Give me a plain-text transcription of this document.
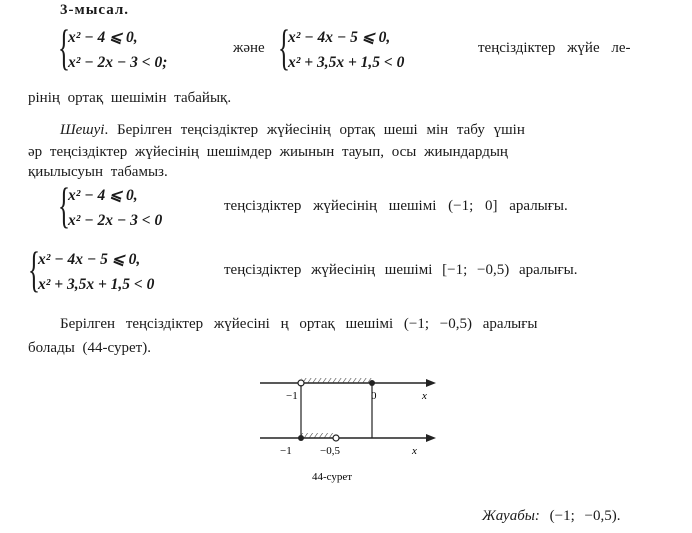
3-мысал.
{
x² − 4 ⩽ 0,
x² − 2x − 3 < 0;
және {
x² − 4x − 5 ⩽ 0,
x² + 3,5x + 1,5 < 0
теңсіздіктер жүйе ле-
рінің ортақ шешімін табайық.
Шешуі. Берілген теңсіздіктер жүйесінің ортақ шеші мін табу үшін
әр теңсіздіктер жүйесінің шешімдер жиынын тауып, осы жиындардың
қиылысуын табамыз.
{
x² − 4 ⩽ 0,
x² − 2x − 3 < 0
теңсіздіктер жүйесінің шешімі (−1; 0] аралығы.
{
x² − 4x − 5 ⩽ 0,
x² + 3,5x + 1,5 < 0
теңсіздіктер жүйесінің шешімі [−1; −0,5) аралығы.
Берілген теңсіздіктер жүйесіні ң ортақ шешімі (−1; −0,5) аралығы
болады (44-сурет).
−1	0	x
−1	−0,5	x
44-сурет
Жауабы: (−1; −0,5).
